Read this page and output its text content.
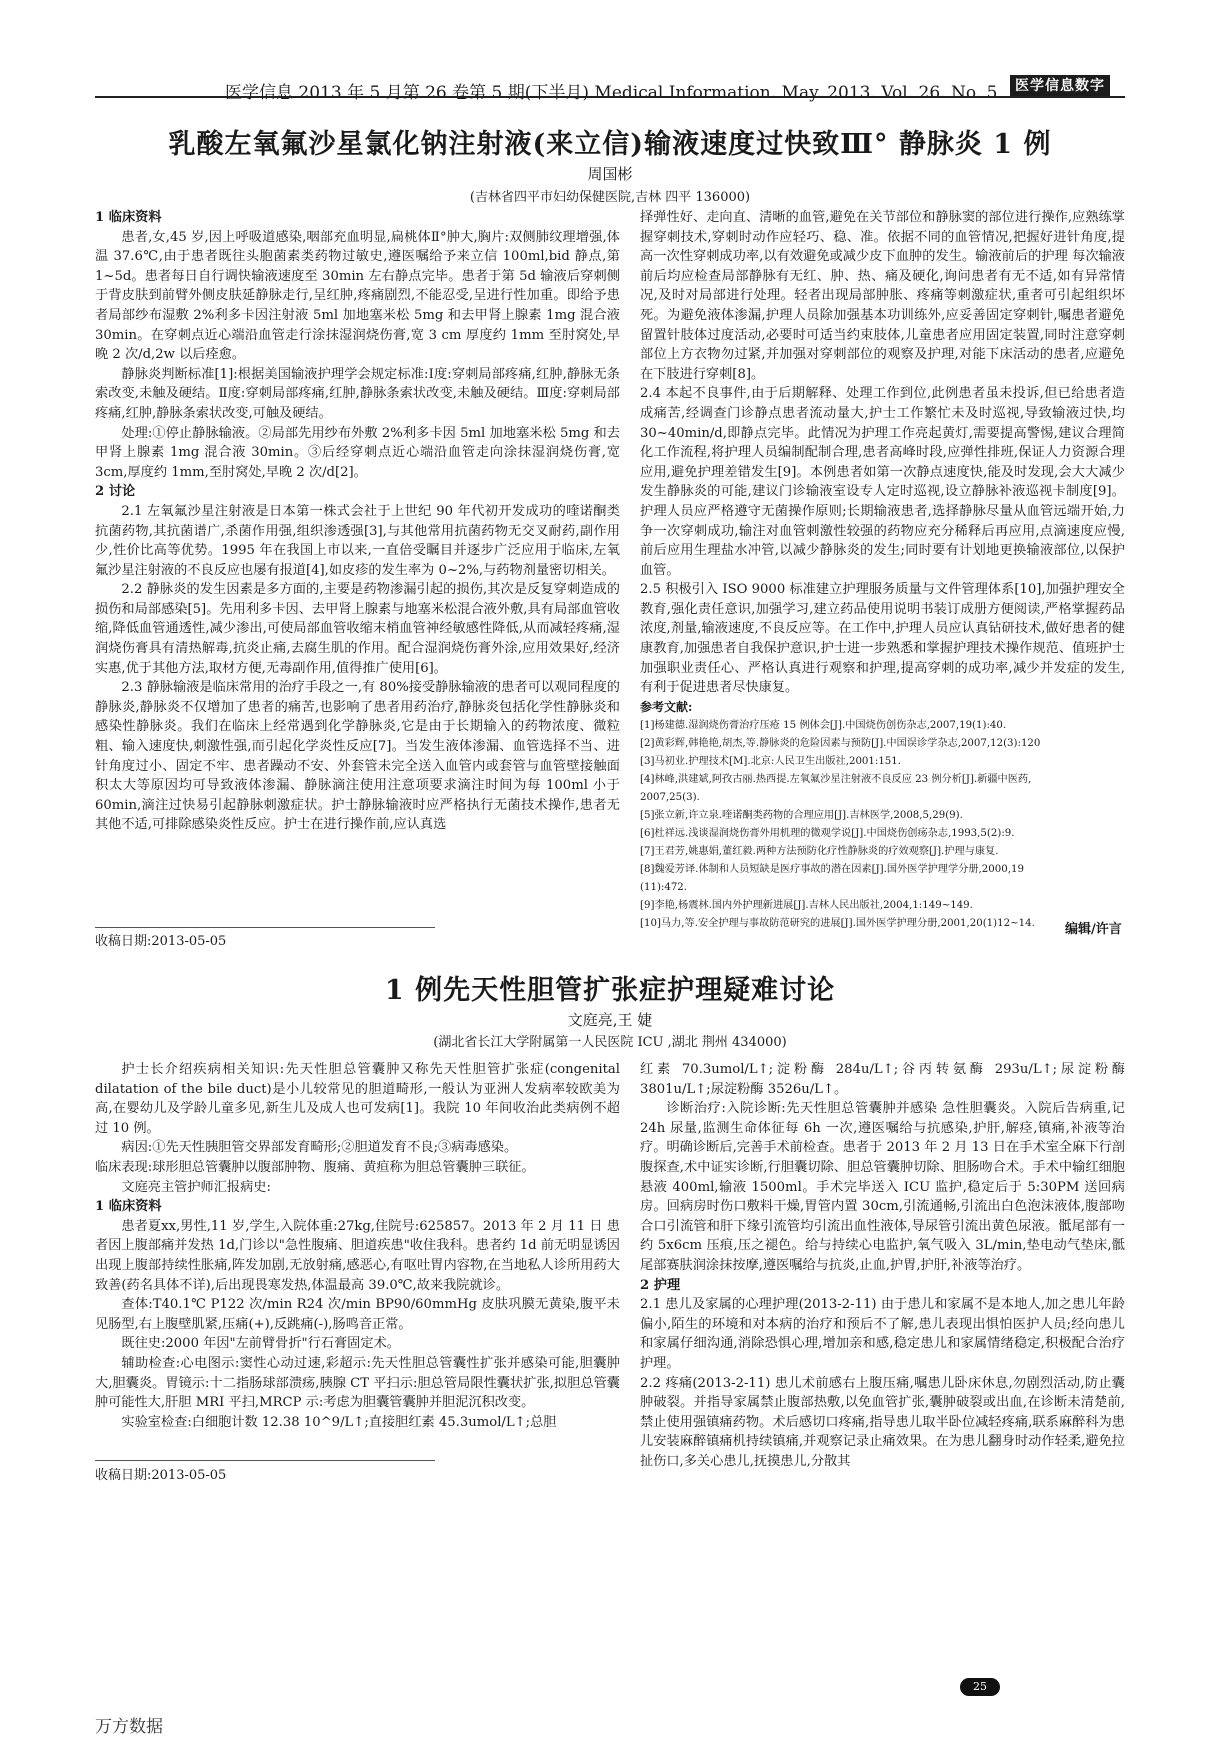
医学信息 2013 年 5 月第 26 卷第 5 期(下半月) Medical Information. May. 2013. Vol. 26. No. 5	医学信息数字
乳酸左氧氟沙星氯化钠注射液(来立信)输液速度过快致Ⅲ° 静脉炎 1 例
周国彬
(吉林省四平市妇幼保健医院,吉林 四平 136000)

1 临床资料

患者,女,45 岁,因上呼吸道感染,咽部充血明显,扁桃体Ⅱ°肿大,胸片:双侧肺纹理增强,体温 37.6℃,由于患者既往头胞菌素类药物过敏史,遵医嘱给予来立信 100ml,bid 静点,第 1~5d。患者每日自行调快输液速度至 30min 左右静点完毕。患者于第 5d 输液后穿刺侧于背皮肤到前臂外侧皮肤延静脉走行,呈红肿,疼痛剧烈,不能忍受,呈进行性加重。即给予患者局部纱布湿敷 2%利多卡因注射液 5ml 加地塞米松 5mg 和去甲肾上腺素 1mg 混合液 30min。在穿刺点近心端沿血管走行涂抹湿润烧伤膏,宽 3 cm 厚度约 1mm 至肘窝处,早晚 2 次/d,2w 以后痊愈。

静脉炎判断标准[1]:根据美国输液护理学会规定标准:Ⅰ度:穿刺局部疼痛,红肿,静脉无条索改变,未触及硬结。Ⅱ度:穿刺局部疼痛,红肿,静脉条索状改变,未触及硬结。Ⅲ度:穿刺局部疼痛,红肿,静脉条索状改变,可触及硬结。

处理:①停止静脉输液。②局部先用纱布外敷 2%利多卡因 5ml 加地塞米松 5mg 和去甲肾上腺素 1mg 混合液 30min。③后经穿刺点近心端沿血管走向涂抹湿润烧伤膏,宽 3cm,厚度约 1mm,至肘窝处,早晚 2 次/d[2]。

2 讨论

2.1 左氧氟沙星注射液是日本第一株式会社于上世纪 90 年代初开发成功的喹诺酮类抗菌药物,其抗菌谱广,杀菌作用强,组织渗透强[3],与其他常用抗菌药物无交叉耐药,副作用少,性价比高等优势。1995 年在我国上市以来,一直倍受瞩目并逐步广泛应用于临床,左氧氟沙星注射液的不良反应也屡有报道[4],如皮疹的发生率为 0~2%,与药物剂量密切相关。

2.2 静脉炎的发生因素是多方面的,主要是药物渗漏引起的损伤,其次是反复穿刺造成的损伤和局部感染[5]。先用利多卡因、去甲肾上腺素与地塞米松混合液外敷,具有局部血管收缩,降低血管通透性,减少渗出,可使局部血管收缩末梢血管神经敏感性降低,从而减轻疼痛,湿润烧伤膏具有清热解毒,抗炎止痛,去腐生肌的作用。配合湿润烧伤膏外涂,应用效果好,经济实惠,优于其他方法,取材方便,无毒副作用,值得推广使用[6]。

2.3 静脉输液是临床常用的治疗手段之一,有 80%接受静脉输液的患者可以观同程度的静脉炎,静脉炎不仅增加了患者的痛苦,也影响了患者用药治疗,静脉炎包括化学性静脉炎和感染性静脉炎。我们在临床上经常遇到化学静脉炎,它是由于长期输入的药物浓度、微粒粗、输入速度快,刺激性强,而引起化学炎性反应[7]。当发生液体渗漏、血管选择不当、进针角度过小、固定不牢、患者躁动不安、外套管未完全送入血管内或套管与血管壁接触面积太大等原因均可导致液体渗漏、静脉滴注使用注意项要求滴注时间为每 100ml 小于 60min,滴注过快易引起静脉刺激症状。护士静脉输液时应严格执行无菌技术操作,患者无其他不适,可排除感染炎性反应。护士在进行操作前,应认真选

择弹性好、走向直、清晰的血管,避免在关节部位和静脉窦的部位进行操作,应熟练掌握穿刺技术,穿刺时动作应轻巧、稳、准。依据不同的血管情况,把握好进针角度,提高一次性穿刺成功率,以有效避免或减少皮下血肿的发生。输液前后的护理 每次输液前后均应检查局部静脉有无红、肿、热、痛及硬化,询问患者有无不适,如有异常情况,及时对局部进行处理。轻者出现局部肿胀、疼痛等刺激症状,重者可引起组织坏死。为避免液体渗漏,护理人员除加强基本功训练外,应妥善固定穿刺针,嘱患者避免留置针肢体过度活动,必要时可适当约束肢体,儿童患者应用固定装置,同时注意穿刺部位上方衣物勿过紧,并加强对穿刺部位的观察及护理,对能下床活动的患者,应避免在下肢进行穿刺[8]。

2.4 本起不良事件,由于后期解释、处理工作到位,此例患者虽未投诉,但已给患者造成痛苦,经调查门诊静点患者流动量大,护士工作繁忙未及时巡视,导致输液过快,均 30~40min/d,即静点完毕。此情况为护理工作亮起黄灯,需要提高警惕,建议合理简化工作流程,将护理人员编制配制合理,患者高峰时段,应弹性排班,保证人力资源合理应用,避免护理差错发生[9]。本例患者如第一次静点速度快,能及时发现,会大大减少发生静脉炎的可能,建议门诊输液室设专人定时巡视,设立静脉补液巡视卡制度[9]。护理人员应严格遵守无菌操作原则;长期输液患者,选择静脉尽量从血管远端开始,力争一次穿刺成功,输注对血管刺激性较强的药物应充分稀释后再应用,点滴速度应慢,前后应用生理盐水冲管,以减少静脉炎的发生;同时要有计划地更换输液部位,以保护血管。

2.5 积极引入 ISO 9000 标准建立护理服务质量与文件管理体系[10],加强护理安全教育,强化责任意识,加强学习,建立药品使用说明书装订成册方便阅读,严格掌握药品浓度,剂量,输液速度,不良反应等。在工作中,护理人员应认真钻研技术,做好患者的健康教育,加强患者自我保护意识,护士进一步熟悉和掌握护理技术操作规范、值班护士加强职业责任心、严格认真进行观察和护理,提高穿刺的成功率,减少并发症的发生,有利于促进患者尽快康复。

参考文献:

[1]杨建德.湿润烧伤膏治疗压疮 15 例体会[J].中国烧伤创伤杂志,2007,19(1):40.
[2]黄彩辉,韩艳艳,胡杰,等.静脉炎的危险因素与预防[J].中国误诊学杂志,2007,12(3):120
[3]马初业.护理技术[M].北京:人民卫生出版社,2001:151.
[4]林峰,洪建斌,阿孜古丽.热西提.左氧氟沙星注射液不良反应 23 例分析[J].新疆中医药,
2007,25(3).
[5]张立新,许立泉.喹诺酮类药物的合理应用[J].吉林医学,2008,5,29(9).
[6]杜祥远.浅谈湿润烧伤膏外用机理的微观学说[J].中国烧伤创疡杂志,1993,5(2):9.
[7]王君芳,姚惠娟,董红毅.两种方法预防化疗性静脉炎的疗效观察[J].护理与康复.
[8]魏爱芳译.体制和人员短缺是医疗事故的潜在因素[J].国外医学护理学分册,2000,19
(11):472.
[9]李艳,杨震林.国内外护理新进展[J].吉林人民出版社,2004,1:149~149.
[10]马力,等.安全护理与事故防范研究的进展[J].国外医学护理分册,2001,20(1)12~14.
收稿日期:2013-05-05
编辑/许言
1 例先天性胆管扩张症护理疑难讨论
文庭亮,王 婕
(湖北省长江大学附属第一人民医院 ICU ,湖北 荆州 434000)

护士长介绍疾病相关知识:先天性胆总管囊肿又称先天性胆管扩张症(congenital dilatation of the bile duct)是小儿较常见的胆道畸形,一般认为亚洲人发病率较欧美为高,在婴幼儿及学龄儿童多见,新生儿及成人也可发病[1]。我院 10 年间收治此类病例不超过 10 例。

病因:①先天性胰胆管交界部发育畸形;②胆道发育不良;③病毒感染。

临床表现:球形胆总管囊肿以腹部肿物、腹痛、黄疸称为胆总管囊肿三联征。

文庭亮主管护师汇报病史:

1 临床资料

患者夏xx,男性,11 岁,学生,入院体重:27kg,住院号:625857。2013 年 2 月 11 日 患者因上腹部痛并发热 1d,门诊以"急性腹痛、胆道疾患"收住我科。患者约 1d 前无明显诱因出现上腹部持续性胀痛,阵发加剧,无放射痛,感恶心,有呕吐胃内容物,在当地私人诊所用药大致善(药名具体不详),后出现畏寒发热,体温最高 39.0℃,故来我院就诊。

查体:T40.1℃ P122 次/min R24 次/min BP90/60mmHg 皮肤巩膜无黄染,腹平未见肠型,右上腹壁肌紧,压痛(+),反跳痛(-),肠鸣音正常。

既往史:2000 年因"左前臂骨折"行石膏固定术。

辅助检查:心电图示:窦性心动过速,彩超示:先天性胆总管囊性扩张并感染可能,胆囊肿大,胆囊炎。胃镜示:十二指肠球部溃疡,胰腺 CT 平扫示:胆总管局限性囊状扩张,拟胆总管囊肿可能性大,肝胆 MRI 平扫,MRCP 示:考虑为胆囊管囊肿并胆泥沉积改变。

实验室检查:白细胞计数 12.38 10^9/L↑;直接胆红素 45.3umol/L↑;总胆

红素 70.3umol/L↑;淀粉酶 284u/L↑;谷丙转氨酶 293u/L↑;尿淀粉酶 3801u/L↑;尿淀粉酶 3526u/L↑。

诊断治疗:入院诊断:先天性胆总管囊肿并感染 急性胆囊炎。入院后告病重,记 24h 尿量,监测生命体征每 6h 一次,遵医嘱给与抗感染,护肝,解痉,镇痛,补液等治疗。明确诊断后,完善手术前检查。患者于 2013 年 2 月 13 日在手术室全麻下行剖腹探查,术中证实诊断,行胆囊切除、胆总管囊肿切除、胆肠吻合术。手术中输红细胞悬液 400ml,输液 1500ml。手术完毕送入 ICU 监护,稳定后于 5:30PM 送回病房。回病房时伤口敷料干燥,胃管内置 30cm,引流通畅,引流出白色泡沫液体,腹部吻合口引流管和肝下缘引流管均引流出血性液体,导尿管引流出黄色尿液。骶尾部有一约 5x6cm 压痕,压之褪色。给与持续心电监护,氧气吸入 3L/min,垫电动气垫床,骶尾部赛肤润涂抹按摩,遵医嘱给与抗炎,止血,护胃,护肝,补液等治疗。

2 护理

2.1 患儿及家属的心理护理(2013-2-11) 由于患儿和家属不是本地人,加之患儿年龄偏小,陌生的环境和对本病的治疗和预后不了解,患儿表现出惧怕医护人员;经向患儿和家属仔细沟通,消除恐惧心理,增加亲和感,稳定患儿和家属情绪稳定,积极配合治疗护理。

2.2 疼痛(2013-2-11) 患儿术前感右上腹压痛,嘱患儿卧床休息,勿剧烈活动,防止囊肿破裂。并指导家属禁止腹部热敷,以免血管扩张,囊肿破裂或出血,在诊断未清楚前,禁止使用强镇痛药物。术后感切口疼痛,指导患儿取半卧位减轻疼痛,联系麻醉科为患儿安装麻醉镇痛机持续镇痛,并观察记录止痛效果。在为患儿翻身时动作轻柔,避免拉扯伤口,多关心患儿,抚摸患儿,分散其

收稿日期:2013-05-05
25
万方数据
